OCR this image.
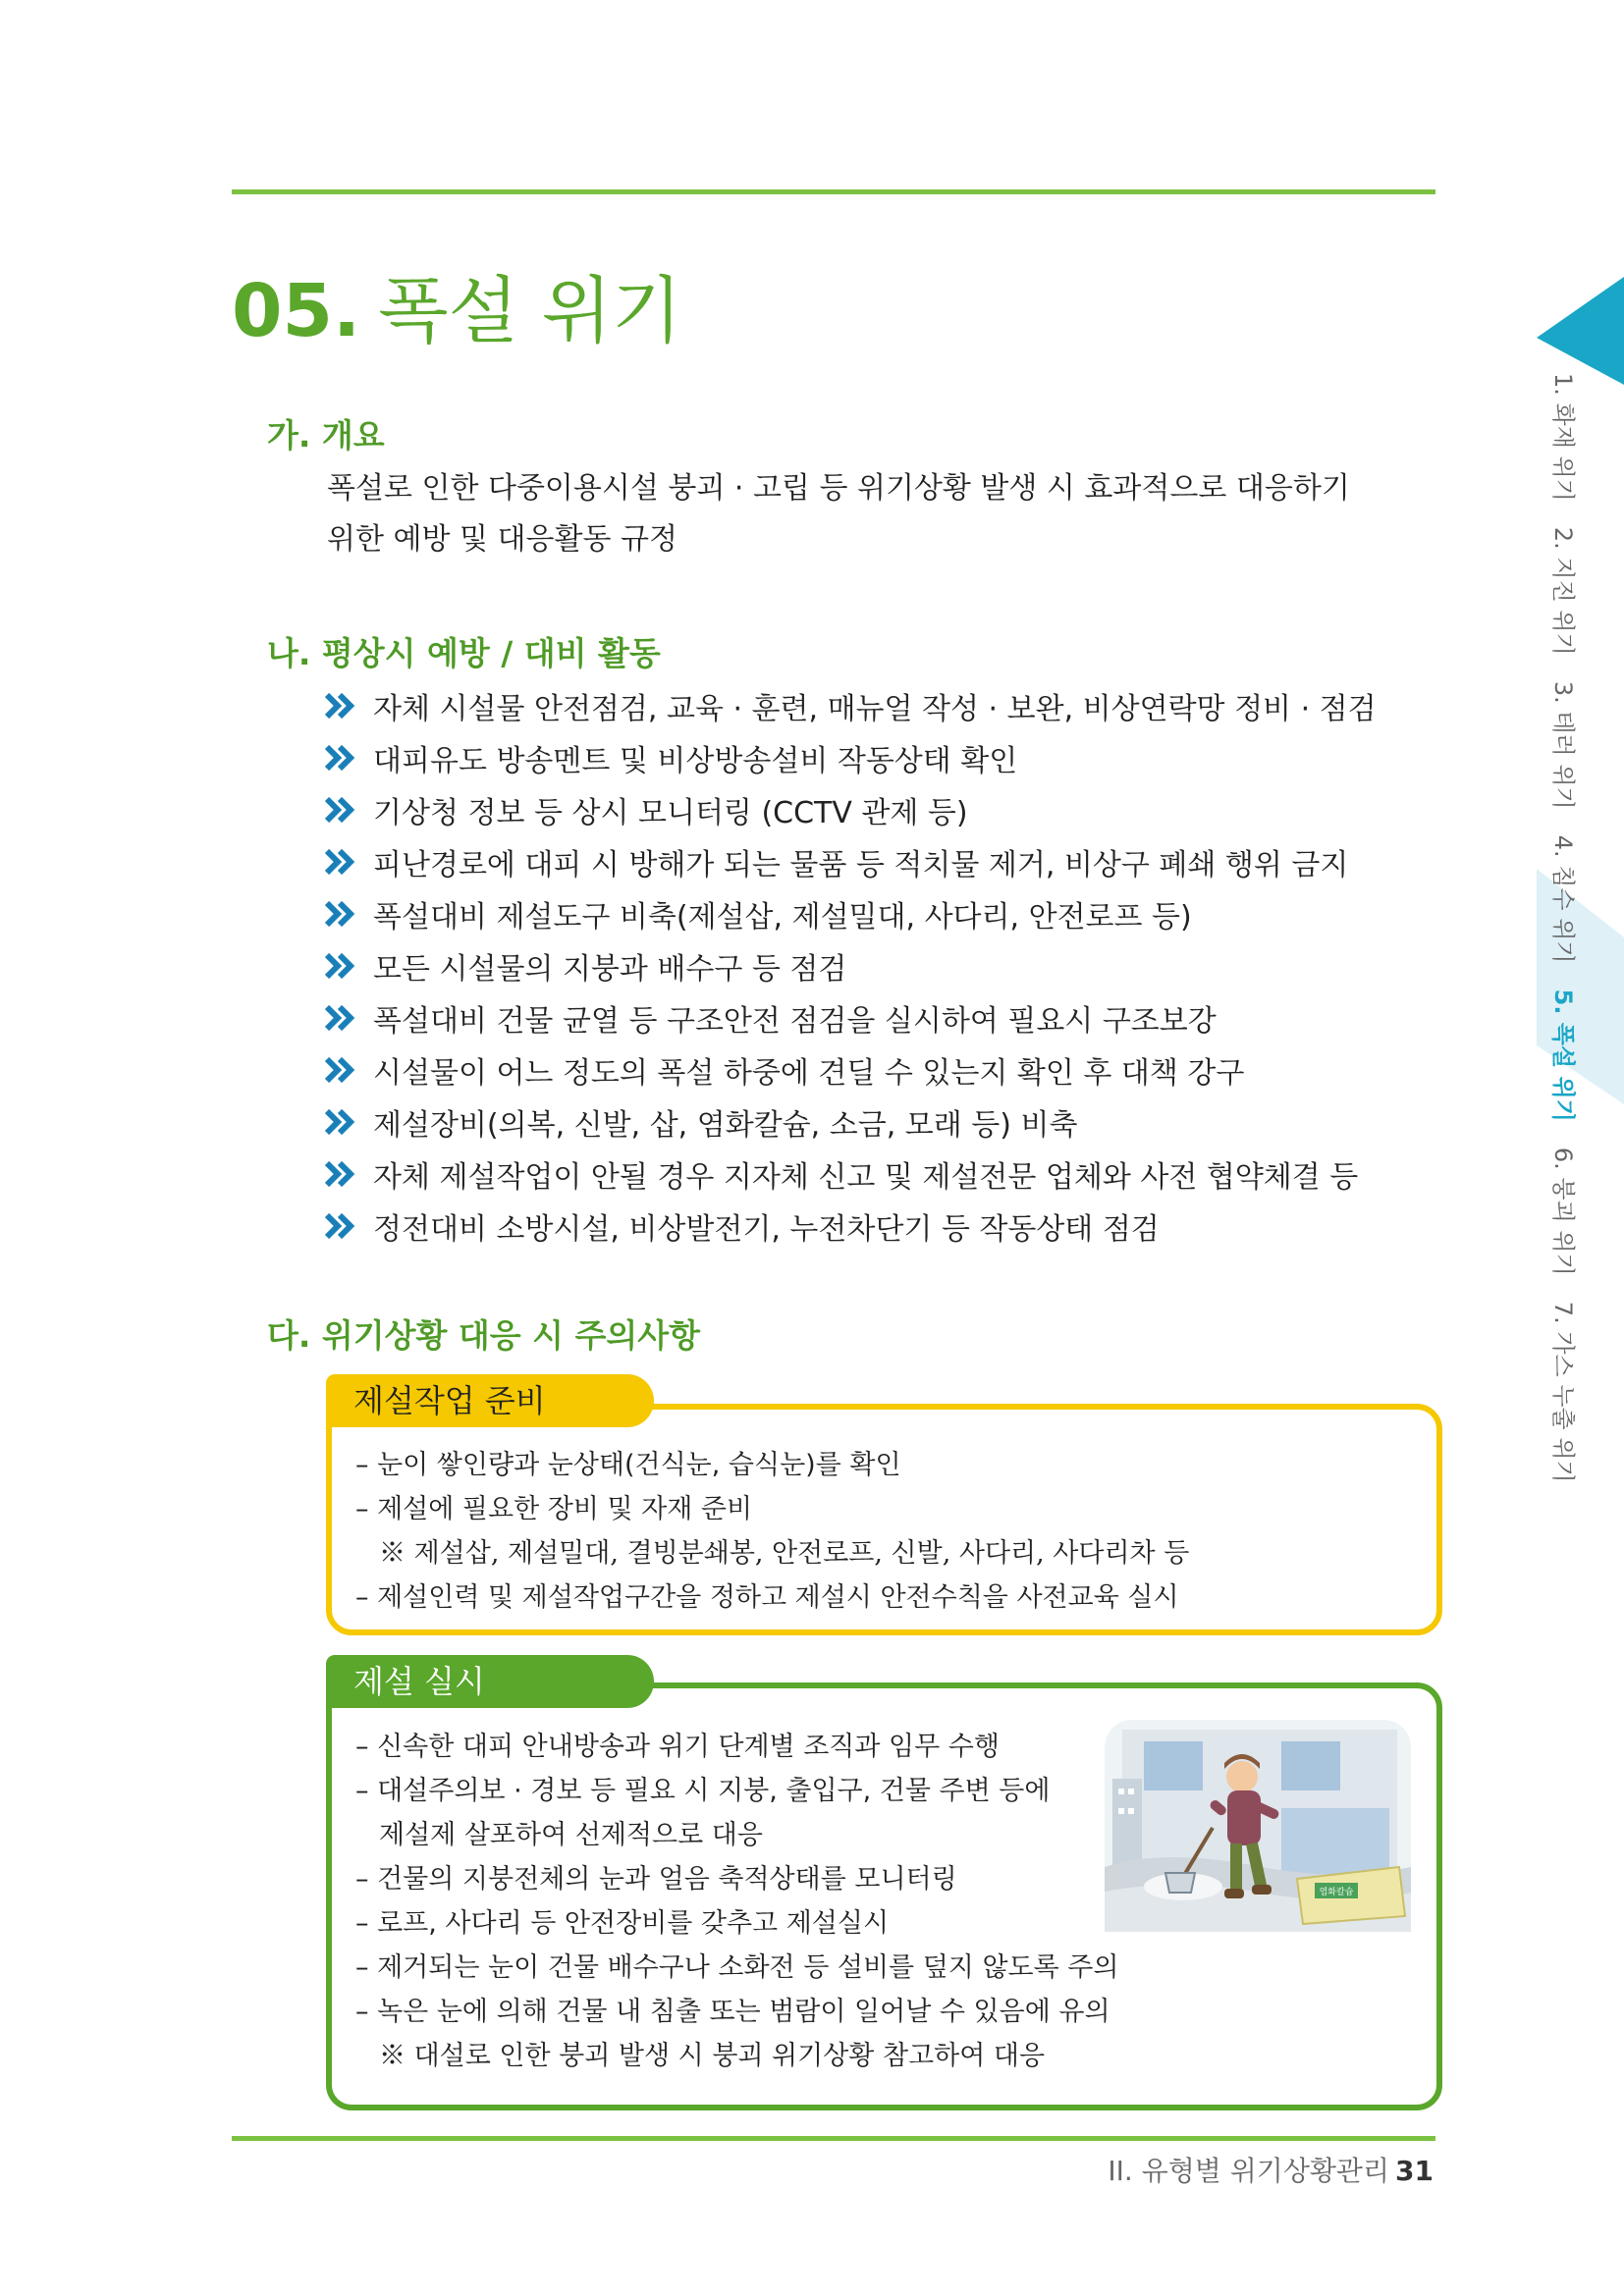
05. 폭설 위기
가. 개요
폭설로 인한 다중이용시설 붕괴 · 고립 등 위기상황 발생 시 효과적으로 대응하기
위한 예방 및 대응활동 규정
나. 평상시 예방 / 대비 활동
자체 시설물 안전점검, 교육 · 훈련, 매뉴얼 작성 · 보완, 비상연락망 정비 · 점검
대피유도 방송멘트 및 비상방송설비 작동상태 확인
기상청 정보 등 상시 모니터링 (CCTV 관제 등)
피난경로에 대피 시 방해가 되는 물품 등 적치물 제거, 비상구 폐쇄 행위 금지
폭설대비 제설도구 비축(제설삽, 제설밀대, 사다리, 안전로프 등)
모든 시설물의 지붕과 배수구 등 점검
폭설대비 건물 균열 등 구조안전 점검을 실시하여 필요시 구조보강
시설물이 어느 정도의 폭설 하중에 견딜 수 있는지 확인 후 대책 강구
제설장비(의복, 신발, 삽, 염화칼슘, 소금, 모래 등) 비축
자체 제설작업이 안될 경우 지자체 신고 및 제설전문 업체와 사전 협약체결 등
정전대비 소방시설, 비상발전기, 누전차단기 등 작동상태 점검
다. 위기상황 대응 시 주의사항
제설작업 준비
– 눈이 쌓인량과 눈상태(건식눈, 습식눈)를 확인
– 제설에 필요한 장비 및 자재 준비
※ 제설삽, 제설밀대, 결빙분쇄봉, 안전로프, 신발, 사다리, 사다리차 등
– 제설인력 및 제설작업구간을 정하고 제설시 안전수칙을 사전교육 실시
제설 실시
– 신속한 대피 안내방송과 위기 단계별 조직과 임무 수행
– 대설주의보 · 경보 등 필요 시 지붕, 출입구, 건물 주변 등에
제설제 살포하여 선제적으로 대응
– 건물의 지붕전체의 눈과 얼음 축적상태를 모니터링
– 로프, 사다리 등 안전장비를 갖추고 제설실시
– 제거되는 눈이 건물 배수구나 소화전 등 설비를 덮지 않도록 주의
– 녹은 눈에 의해 건물 내 침출 또는 범람이 일어날 수 있음에 유의
※ 대설로 인한 붕괴 발생 시 붕괴 위기상황 참고하여 대응
염화칼슘
1. 화재 위기2. 지진 위기3. 테러 위기4. 침수 위기5. 폭설 위기6. 붕괴 위기7. 가스 누출 위기
II. 유형별 위기상황관리 31
